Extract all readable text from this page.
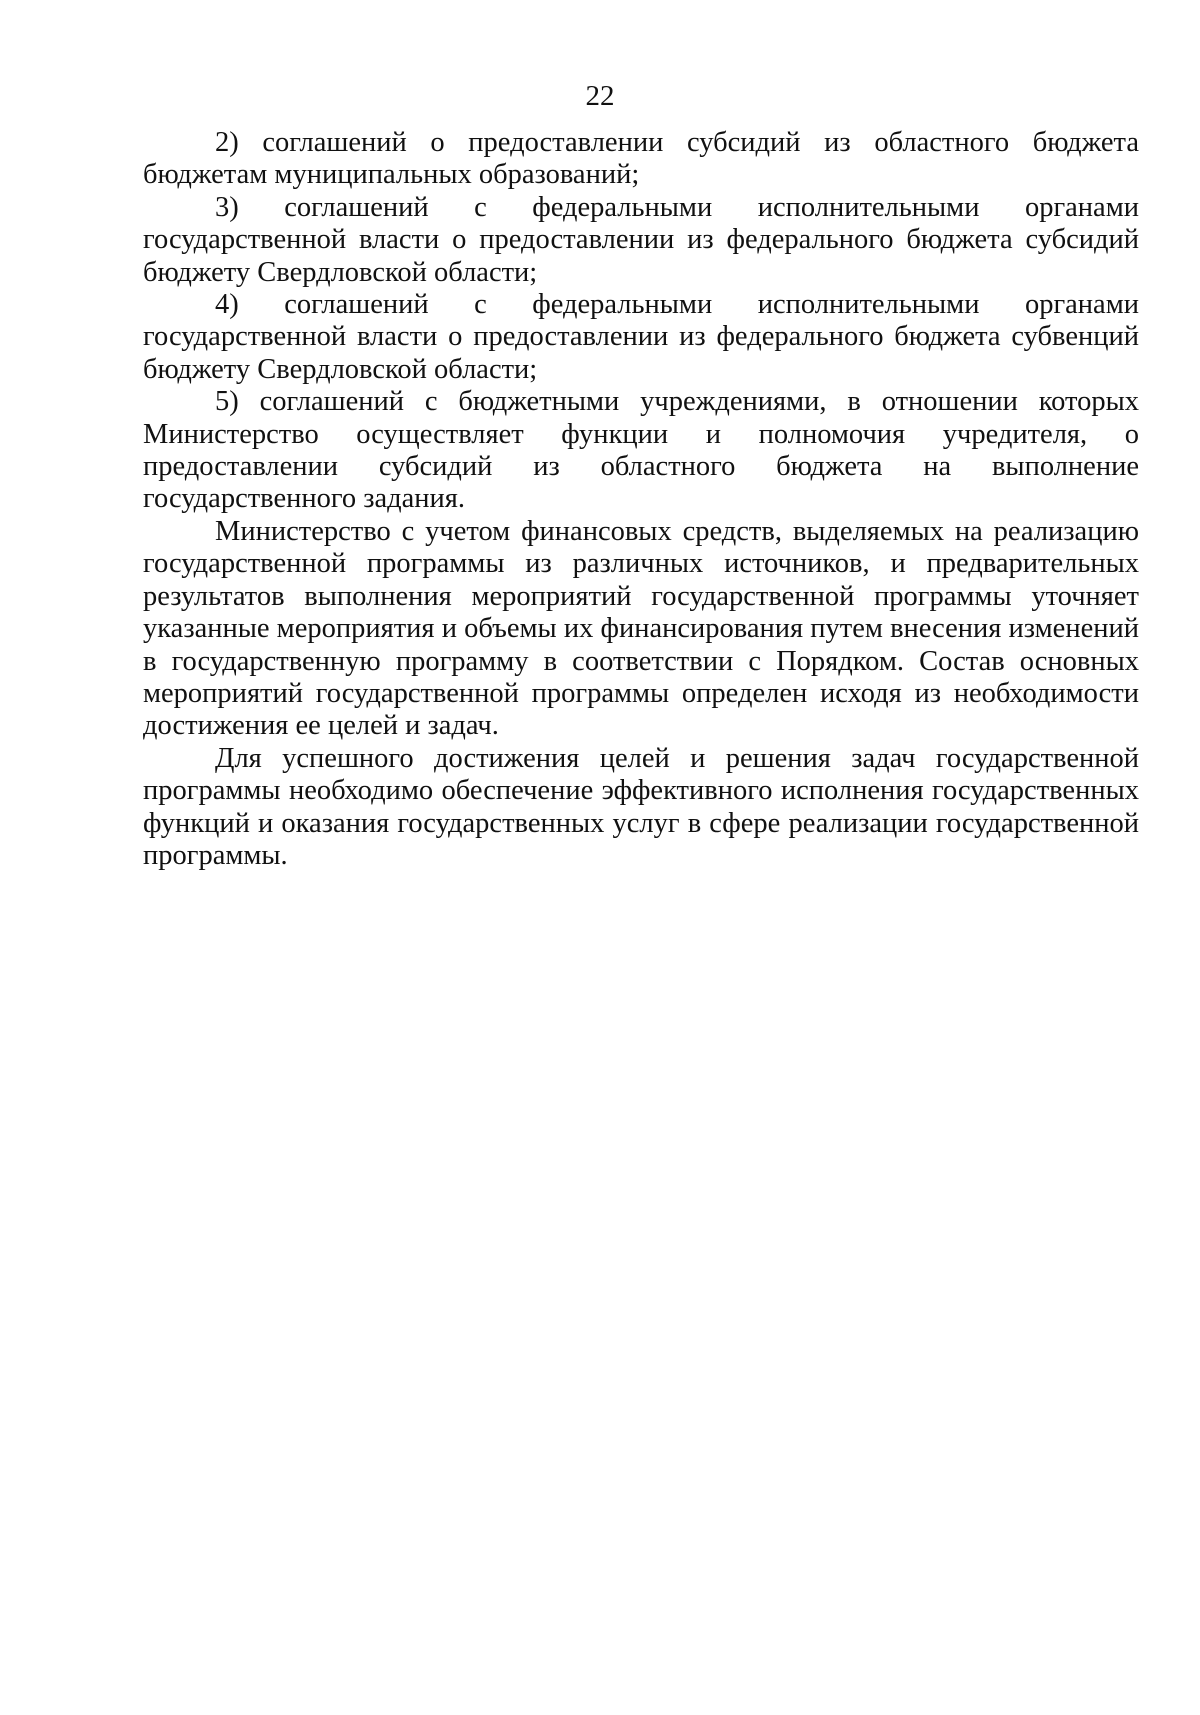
22

2) соглашений о предоставлении субсидий из областного бюджета бюджетам муниципальных образований;

3) соглашений с федеральными исполнительными органами государственной власти о предоставлении из федерального бюджета субсидий бюджету Свердловской области;

4) соглашений с федеральными исполнительными органами государственной власти о предоставлении из федерального бюджета субвенций бюджету Свердловской области;

5) соглашений с бюджетными учреждениями, в отношении которых Министерство осуществляет функции и полномочия учредителя, о предоставлении субсидий из областного бюджета на выполнение государственного задания.

Министерство с учетом финансовых средств, выделяемых на реализацию государственной программы из различных источников, и предварительных результатов выполнения мероприятий государственной программы уточняет указанные мероприятия и объемы их финансирования путем внесения изменений в государственную программу в соответствии с Порядком. Состав основных мероприятий государственной программы определен исходя из необходимости достижения ее целей и задач.

Для успешного достижения целей и решения задач государственной программы необходимо обеспечение эффективного исполнения государственных функций и оказания государственных услуг в сфере реализации государственной программы.
